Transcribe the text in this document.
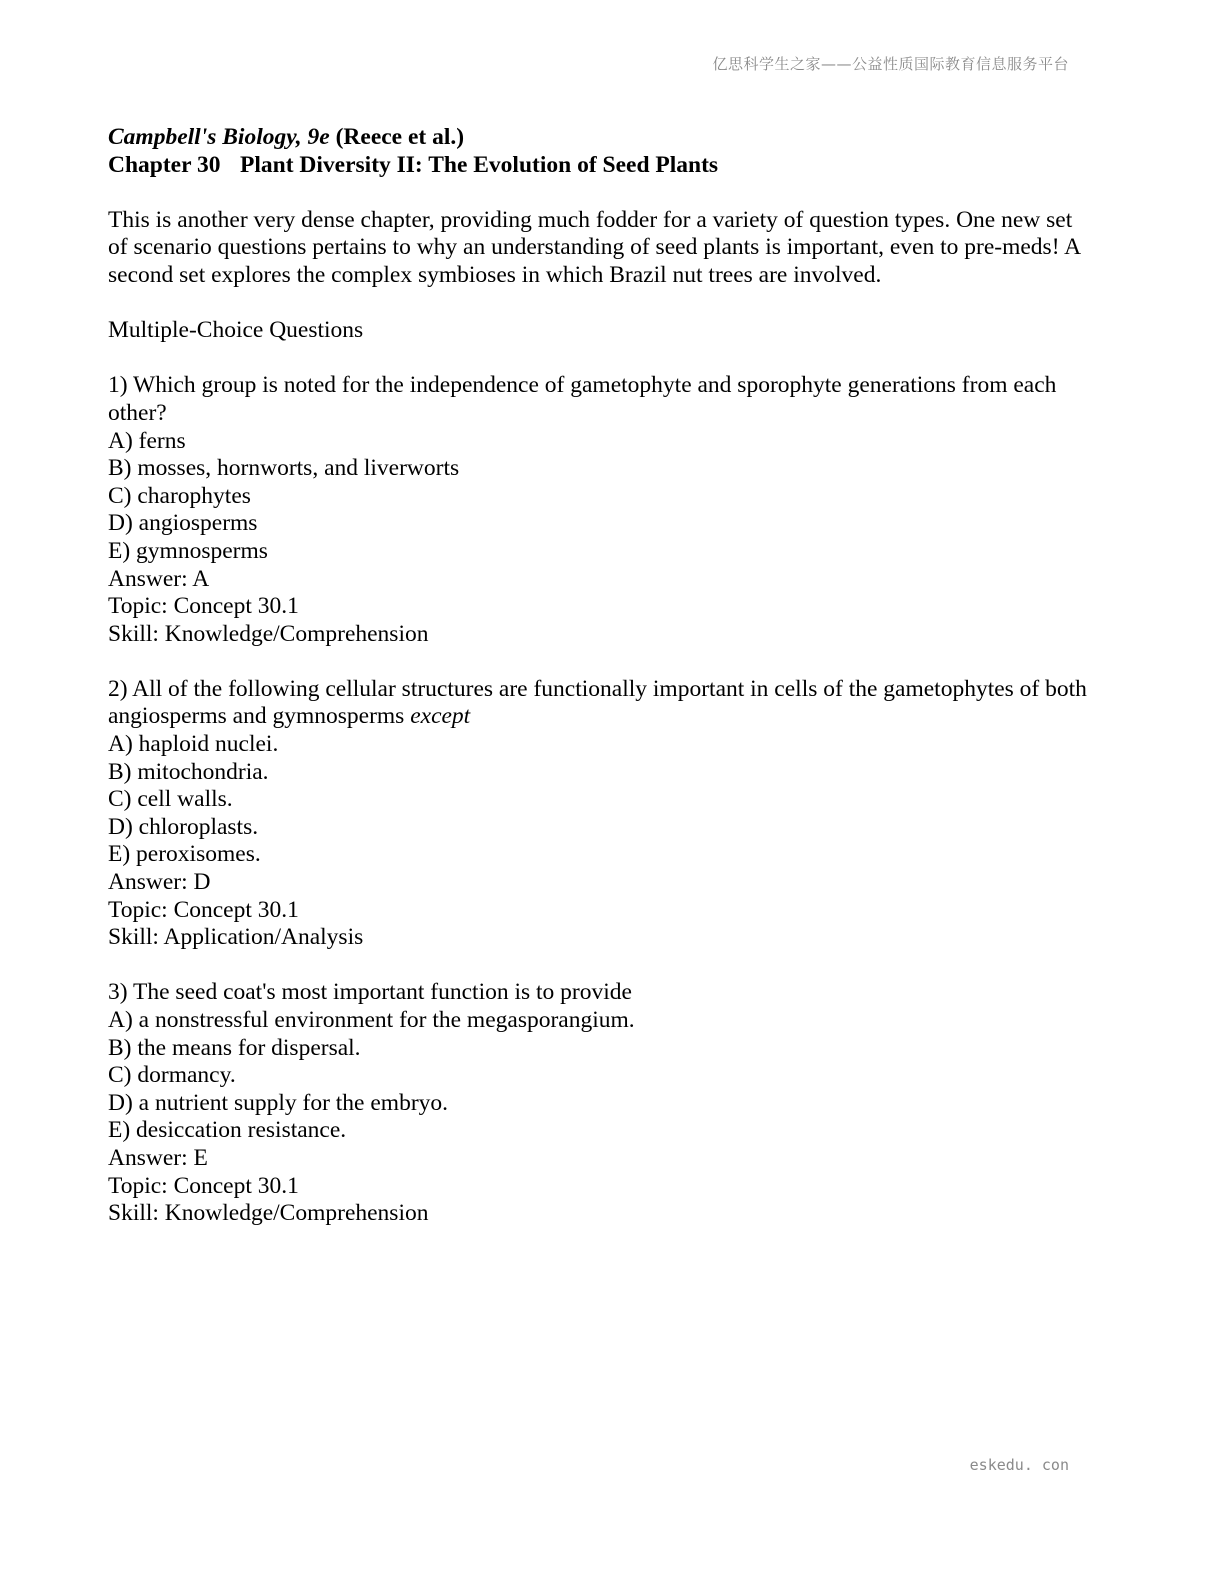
亿思科学生之家——公益性质国际教育信息服务平台

Campbell's Biology, 9e (Reece et al.)

Chapter 30 Plant Diversity II: The Evolution of Seed Plants

This is another very dense chapter, providing much fodder for a variety of question types. One new set
of scenario questions pertains to why an understanding of seed plants is important, even to pre-meds! A
second set explores the complex symbioses in which Brazil nut trees are involved.

Multiple-Choice Questions

1) Which group is noted for the independence of gametophyte and sporophyte generations from each
other?
A) ferns
B) mosses, hornworts, and liverworts
C) charophytes
D) angiosperms
E) gymnosperms
Answer: A
Topic: Concept 30.1
Skill: Knowledge/Comprehension
2) All of the following cellular structures are functionally important in cells of the gametophytes of both
angiosperms and gymnosperms except
A) haploid nuclei.
B) mitochondria.
C) cell walls.
D) chloroplasts.
E) peroxisomes.
Answer: D
Topic: Concept 30.1
Skill: Application/Analysis
3) The seed coat's most important function is to provide
A) a nonstressful environment for the megasporangium.
B) the means for dispersal.
C) dormancy.
D) a nutrient supply for the embryo.
E) desiccation resistance.
Answer: E
Topic: Concept 30.1
Skill: Knowledge/Comprehension
eskedu. con
